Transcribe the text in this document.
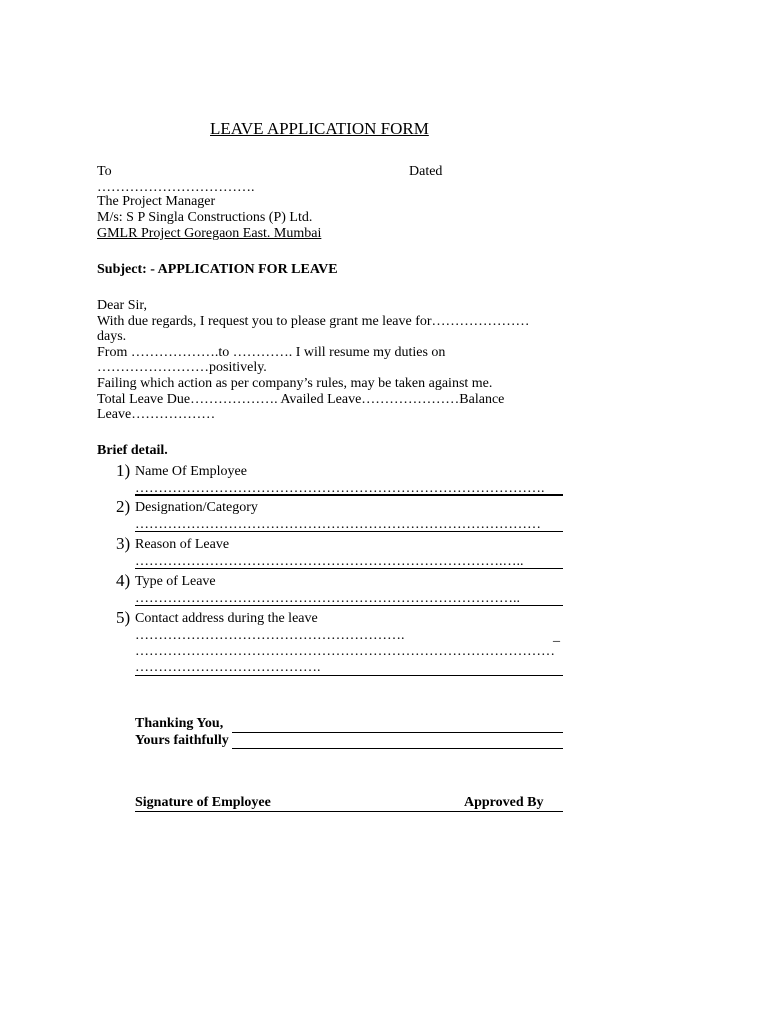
LEAVE APPLICATION FORM
To	Dated
…………………………….
The Project Manager
M/s: S P Singla Constructions (P) Ltd.
GMLR Project Goregaon East. Mumbai
Subject: - APPLICATION FOR LEAVE
Dear Sir,
With due regards, I request you to please grant me leave for…………………
days.
From ……………….to …………. I will resume my duties on
……………………positively.
Failing which action as per company’s rules, may be taken against me.
Total Leave Due………………. Availed Leave…………………Balance
Leave………………
Brief detail.
1) Name Of Employee
…………………………………………………………………………….
2) Designation/Category
……………………………………………………………………………
3) Reason of Leave
…………………………………………………………………….…..
4) Type of Leave
………………………………………………………………………..
5) Contact address during the leave
………………………………………………….	_
………………………………………………………………………………
………………………………….
Thanking You,
Yours faithfully
Signature of Employee	Approved By
